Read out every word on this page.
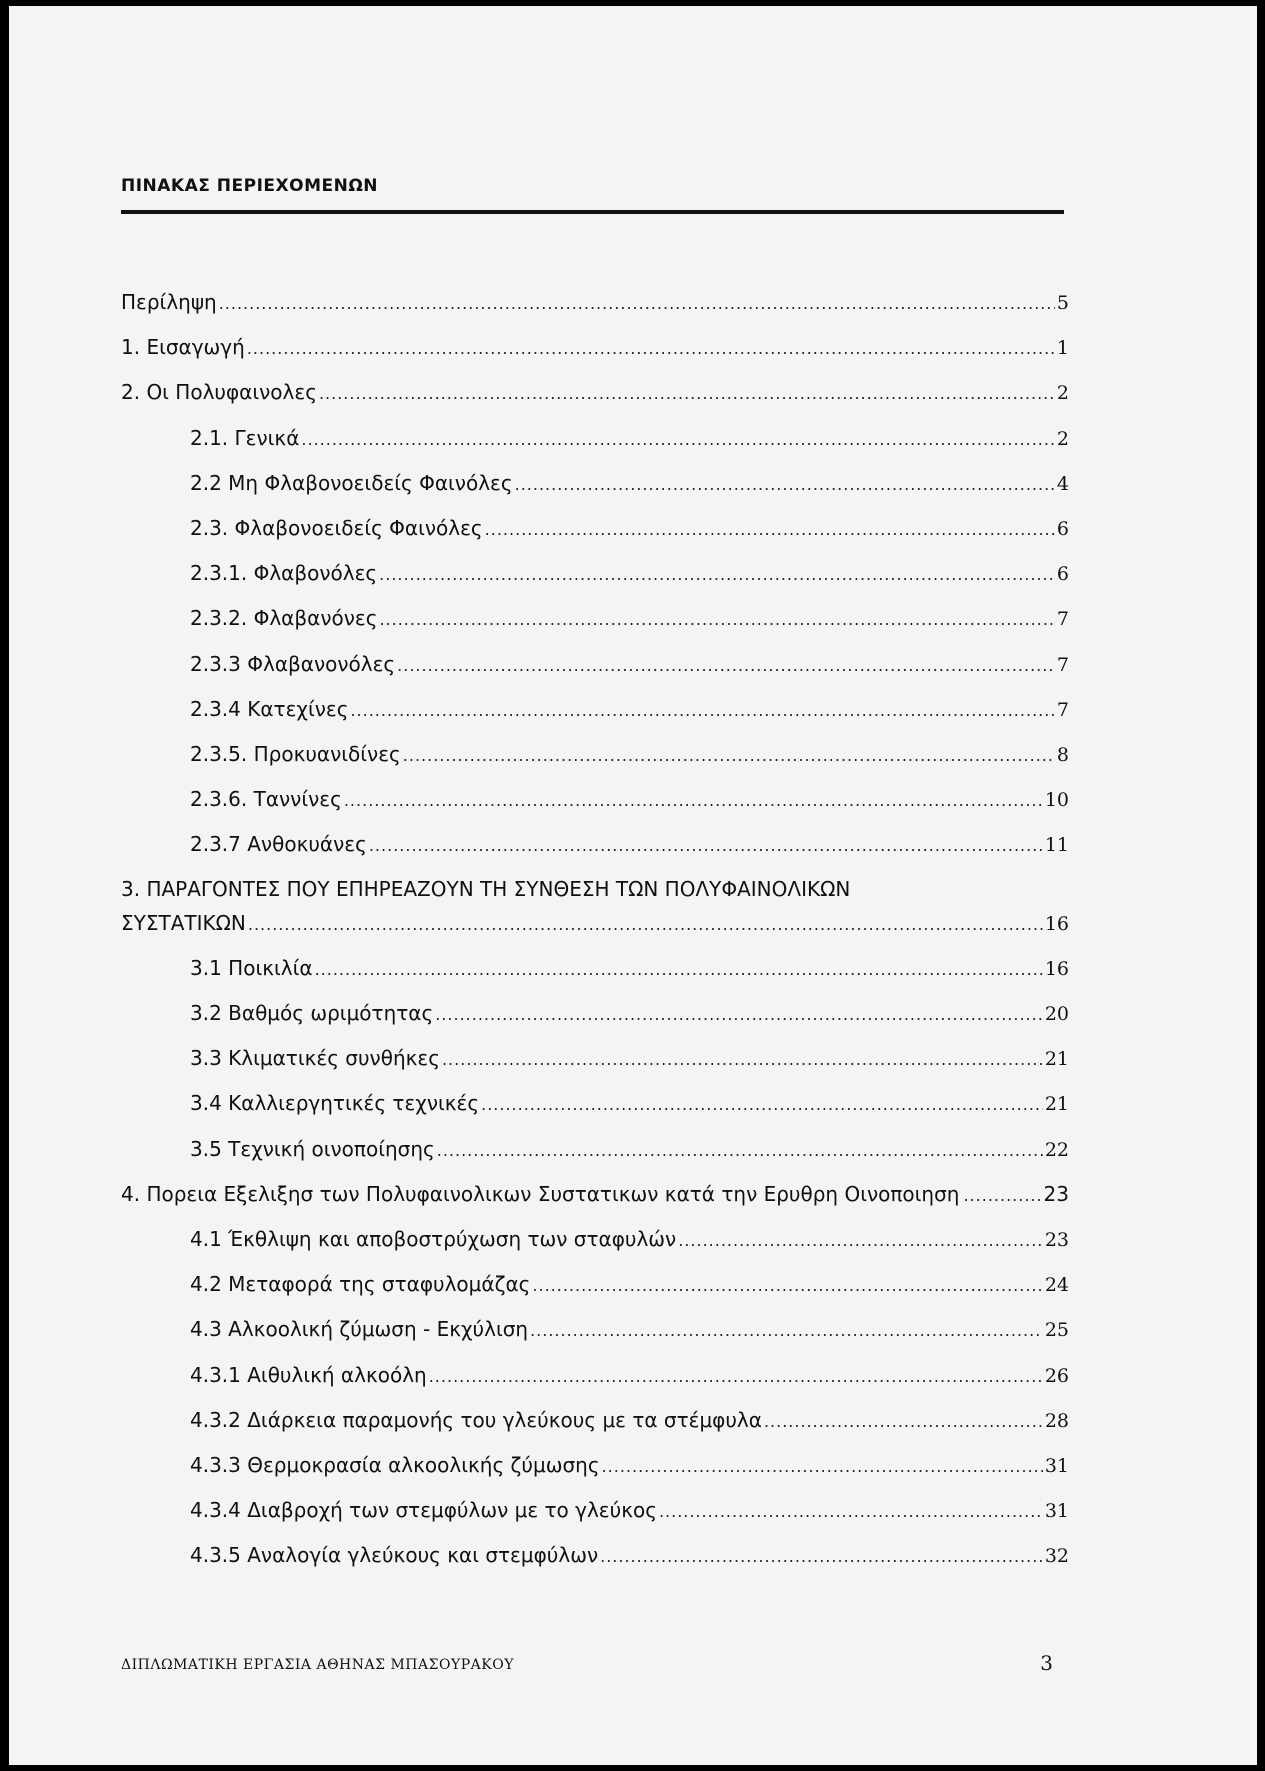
ΠΙΝΑΚΑΣ ΠΕΡΙΕΧΟΜΕΝΩΝ
Περίληψη .....	5
1. Εισαγωγή .....	1
2. Οι Πολυφαινολες .....	2
2.1. Γενικά .....	2
2.2 Μη Φλαβονοειδείς Φαινόλες .....	4
2.3. Φλαβονοειδείς Φαινόλες .....	6
2.3.1. Φλαβονόλες .....	6
2.3.2. Φλαβανόνες .....	7
2.3.3 Φλαβανονόλες .....	7
2.3.4 Κατεχίνες .....	7
2.3.5. Προκυανιδίνες .....	8
2.3.6. Ταννίνες .....	10
2.3.7 Ανθοκυάνες .....	11
3. ΠΑΡΑΓΟΝΤΕΣ ΠΟΥ ΕΠΗΡΕΑΖΟΥΝ ΤΗ ΣΥΝΘΕΣΗ ΤΩΝ ΠΟΛΥΦΑΙΝΟΛΙΚΩΝ
ΣΥΣΤΑΤΙΚΩΝ .....	16
3.1 Ποικιλία .....	16
3.2 Βαθμός ωριμότητας .....	20
3.3 Κλιματικές συνθήκες .....	21
3.4 Καλλιεργητικές τεχνικές .....	21
3.5 Τεχνική οινοποίησης .....	22
4. Πορεια Εξελιξησ των Πολυφαινολικων Συστατικων κατά την Ερυθρη Οινοποιηση .....	23
4.1 Έκθλιψη και αποβοστρύχωση των σταφυλών .....	23
4.2 Μεταφορά της σταφυλομάζας .....	24
4.3 Αλκοολική ζύμωση - Εκχύλιση .....	25
4.3.1 Αιθυλική αλκοόλη .....	26
4.3.2 Διάρκεια παραμονής του γλεύκους με τα στέμφυλα .....	28
4.3.3 Θερμοκρασία αλκοολικής ζύμωσης .....	31
4.3.4 Διαβροχή των στεμφύλων με το γλεύκος .....	31
4.3.5 Αναλογία γλεύκους και στεμφύλων .....	32
ΔΙΠΛΩΜΑΤΙΚΗ ΕΡΓΑΣΙΑ ΑΘΗΝΑΣ ΜΠΑΣΟΥΡΑΚΟΥ	3
